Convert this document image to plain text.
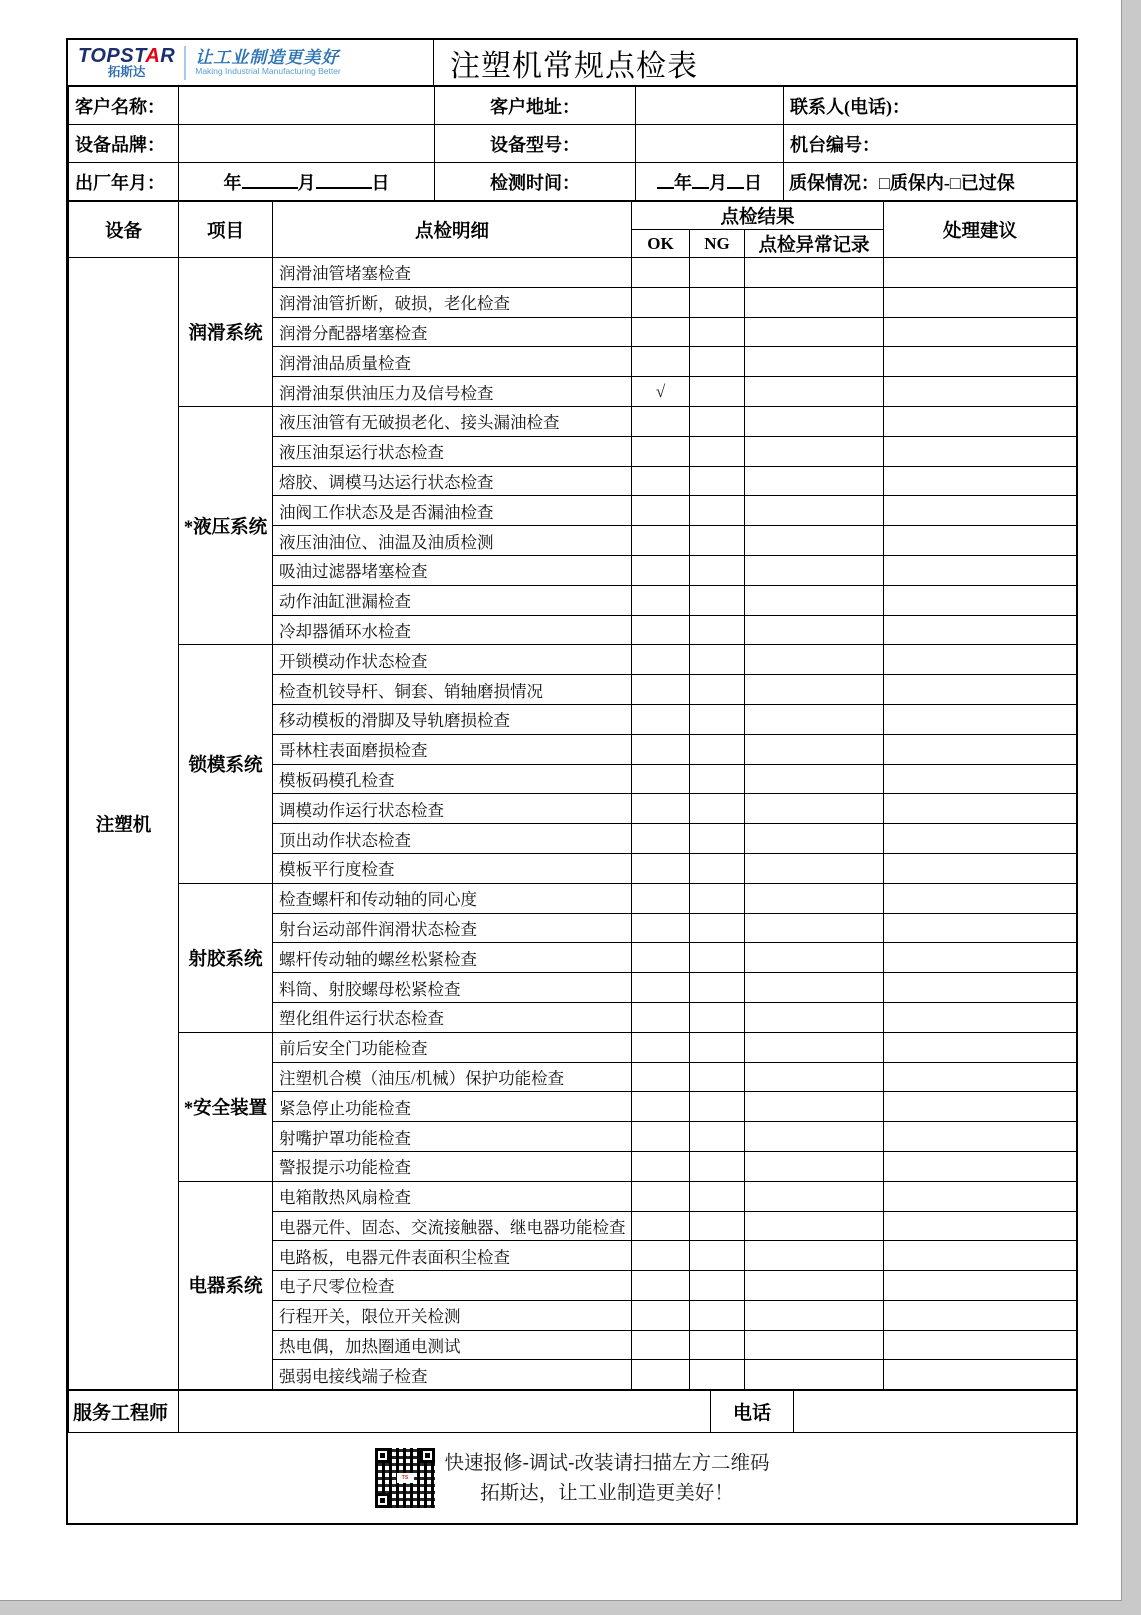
TOPSTAR
拓斯达
让工业制造更美好
Making Industrial Manufacturing Better	注塑机常规点检表
客户名称：		客户地址：		联系人(电话)：
设备品牌：		设备型号：		机台编号：
出厂年月：	年 月 日	检测时间：	年 月 日	质保情况：□质保内-□已过保
设备	项目	点检明细	点检结果			处理建议
			OK	NG	点检异常记录	
注塑机	润滑系统	润滑油管堵塞检查				
		润滑油管折断，破损，老化检查				
		润滑分配器堵塞检查				
		润滑油品质量检查				
		润滑油泵供油压力及信号检查	√			
	*液压系统	液压油管有无破损老化、接头漏油检查				
		液压油泵运行状态检查				
		熔胶、调模马达运行状态检查				
		油阀工作状态及是否漏油检查				
		液压油油位、油温及油质检测				
		吸油过滤器堵塞检查				
		动作油缸泄漏检查				
		冷却器循环水检查				
	锁模系统	开锁模动作状态检查				
		检查机铰导杆、铜套、销轴磨损情况				
		移动模板的滑脚及导轨磨损检查				
		哥林柱表面磨损检查				
		模板码模孔检查				
		调模动作运行状态检查				
		顶出动作状态检查				
		模板平行度检查				
	射胶系统	检查螺杆和传动轴的同心度				
		射台运动部件润滑状态检查				
		螺杆传动轴的螺丝松紧检查				
		料筒、射胶螺母松紧检查				
		塑化组件运行状态检查				
	*安全装置	前后安全门功能检查				
		注塑机合模（油压/机械）保护功能检查				
		紧急停止功能检查				
		射嘴护罩功能检查				
		警报提示功能检查				
	电器系统	电箱散热风扇检查				
		电器元件、固态、交流接触器、继电器功能检查				
		电路板，电器元件表面积尘检查				
		电子尺零位检查				
		行程开关，限位开关检测				
		热电偶，加热圈通电测试				
		强弱电接线端子检查				
服务工程师		电话	
TS
快速报修-调试-改装请扫描左方二维码
拓斯达，让工业制造更美好！
